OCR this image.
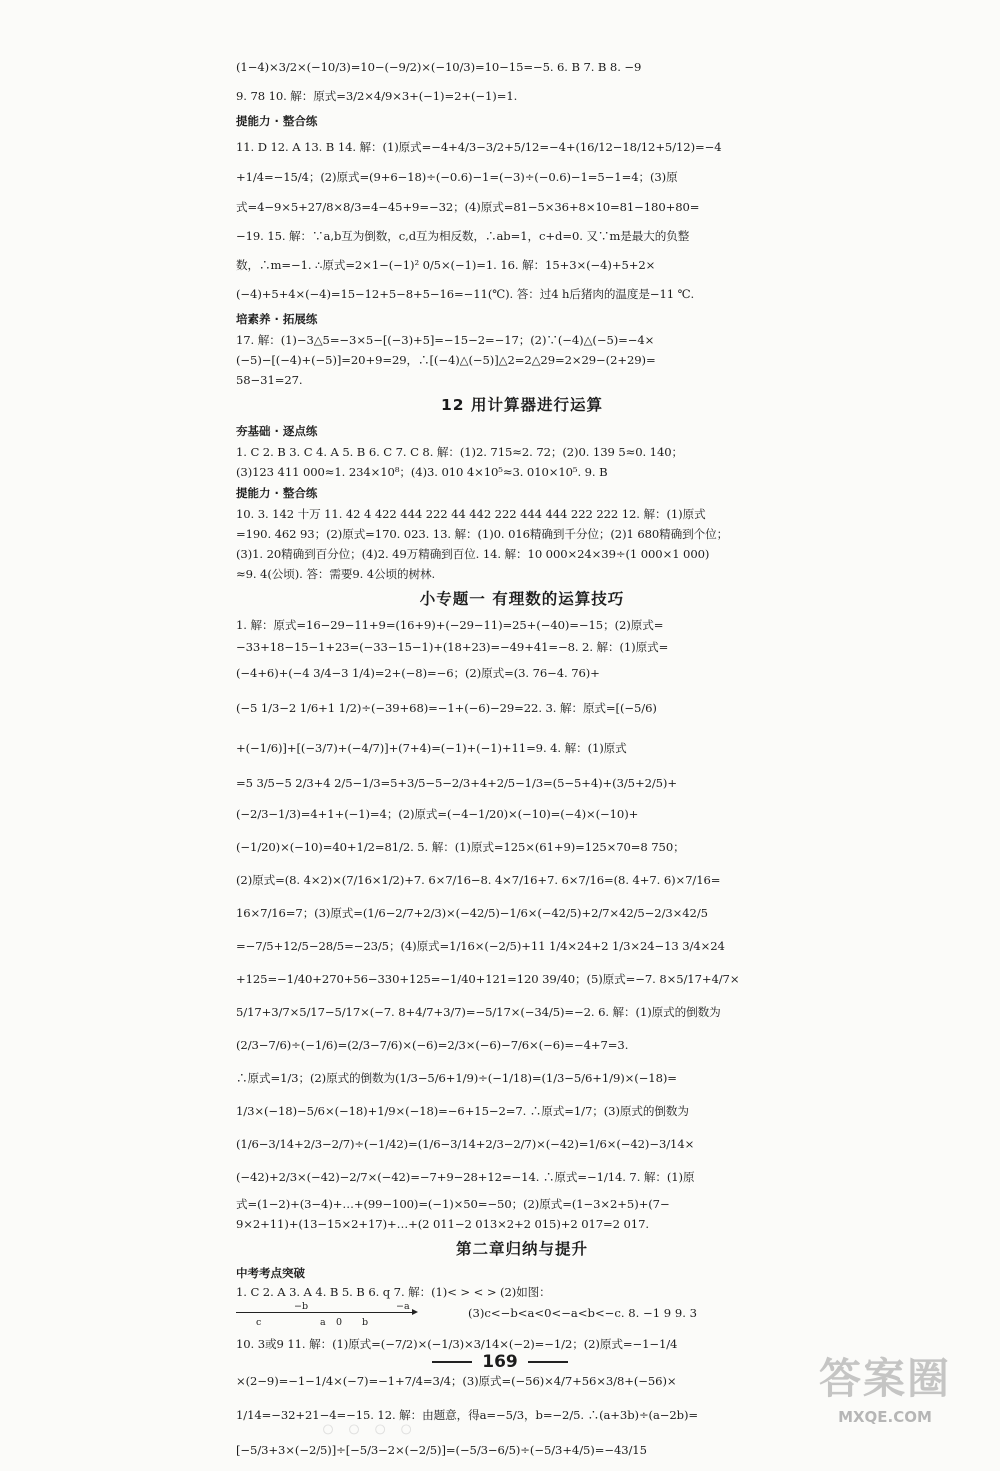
(1−4)×3/2×(−10/3)=10−(−9/2)×(−10/3)=10−15=−5. 6. B 7. B 8. −9
9. 78 10. 解：原式=3/2×4/9×3+(−1)=2+(−1)=1.
提能力 · 整合练
11. D 12. A 13. B 14. 解：(1)原式=−4+4/3−3/2+5/12=−4+(16/12−18/12+5/12)=−4
+1/4=−15/4；(2)原式=(9+6−18)÷(−0.6)−1=(−3)÷(−0.6)−1=5−1=4；(3)原
式=4−9×5+27/8×8/3=4−45+9=−32；(4)原式=81−5×36+8×10=81−180+80=
−19. 15. 解：∵a,b互为倒数，c,d互为相反数，∴ab=1，c+d=0. 又∵m是最大的负整
数，∴m=−1. ∴原式=2×1−(−1)² 0/5×(−1)=1. 16. 解：15+3×(−4)+5+2×
(−4)+5+4×(−4)=15−12+5−8+5−16=−11(℃). 答：过4 h后猪肉的温度是−11 ℃.
培素养 · 拓展练
17. 解：(1)−3△5=−3×5−[(−3)+5]=−15−2=−17；(2)∵(−4)△(−5)=−4×
(−5)−[(−4)+(−5)]=20+9=29，∴[(−4)△(−5)]△2=2△29=2×29−(2+29)=
58−31=27.
12 用计算器进行运算
夯基础 · 逐点练
1. C 2. B 3. C 4. A 5. B 6. C 7. C 8. 解：(1)2. 715≈2. 72；(2)0. 139 5≈0. 140；
(3)123 411 000≈1. 234×10⁸；(4)3. 010 4×10⁵≈3. 010×10⁵. 9. B
提能力 · 整合练
10. 3. 142 十万 11. 42 4 422 444 222 44 442 222 444 444 222 222 12. 解：(1)原式
=190. 462 93；(2)原式=170. 023. 13. 解：(1)0. 016精确到千分位；(2)1 680精确到个位；
(3)1. 20精确到百分位；(4)2. 49万精确到百位. 14. 解：10 000×24×39÷(1 000×1 000)
≈9. 4(公顷). 答：需要9. 4公顷的树林.
小专题一 有理数的运算技巧
1. 解：原式=16−29−11+9=(16+9)+(−29−11)=25+(−40)=−15；(2)原式=
−33+18−15−1+23=(−33−15−1)+(18+23)=−49+41=−8. 2. 解：(1)原式=
(−4+6)+(−4 3/4−3 1/4)=2+(−8)=−6；(2)原式=(3. 76−4. 76)+
(−5 1/3−2 1/6+1 1/2)÷(−39+68)=−1+(−6)−29=22. 3. 解：原式=[(−5/6)
+(−1/6)]+[(−3/7)+(−4/7)]+(7+4)=(−1)+(−1)+11=9. 4. 解：(1)原式
=5 3/5−5 2/3+4 2/5−1/3=5+3/5−5−2/3+4+2/5−1/3=(5−5+4)+(3/5+2/5)+
(−2/3−1/3)=4+1+(−1)=4；(2)原式=(−4−1/20)×(−10)=(−4)×(−10)+
(−1/20)×(−10)=40+1/2=81/2. 5. 解：(1)原式=125×(61+9)=125×70=8 750；
(2)原式=(8. 4×2)×(7/16×1/2)+7. 6×7/16−8. 4×7/16+7. 6×7/16=(8. 4+7. 6)×7/16=
16×7/16=7；(3)原式=(1/6−2/7+2/3)×(−42/5)−1/6×(−42/5)+2/7×42/5−2/3×42/5
=−7/5+12/5−28/5=−23/5；(4)原式=1/16×(−2/5)+11 1/4×24+2 1/3×24−13 3/4×24
+125=−1/40+270+56−330+125=−1/40+121=120 39/40；(5)原式=−7. 8×5/17+4/7×
5/17+3/7×5/17−5/17×(−7. 8+4/7+3/7)=−5/17×(−34/5)=−2. 6. 解：(1)原式的倒数为
(2/3−7/6)÷(−1/6)=(2/3−7/6)×(−6)=2/3×(−6)−7/6×(−6)=−4+7=3.
∴原式=1/3；(2)原式的倒数为(1/3−5/6+1/9)÷(−1/18)=(1/3−5/6+1/9)×(−18)=
1/3×(−18)−5/6×(−18)+1/9×(−18)=−6+15−2=7. ∴原式=1/7；(3)原式的倒数为
(1/6−3/14+2/3−2/7)÷(−1/42)=(1/6−3/14+2/3−2/7)×(−42)=1/6×(−42)−3/14×
(−42)+2/3×(−42)−2/7×(−42)=−7+9−28+12=−14. ∴原式=−1/14. 7. 解：(1)原
式=(1−2)+(3−4)+…+(99−100)=(−1)×50=−50；(2)原式=(1−3×2+5)+(7−
9×2+11)+(13−15×2+17)+…+(2 011−2 013×2+2 015)+2 017=2 017.
第二章归纳与提升
中考考点突破
1. C 2. A 3. A 4. B 5. B 6. q 7. 解：(1)< > < > (2)如图：
c
−b
a 0 b
−a	(3)c<−b<a<0<−a<b<−c. 8. −1 9 9. 3
10. 3或9 11. 解：(1)原式=(−7/2)×(−1/3)×3/14×(−2)=−1/2；(2)原式=−1−1/4
×(2−9)=−1−1/4×(−7)=−1+7/4=3/4；(3)原式=(−56)×4/7+56×3/8+(−56)×
1/14=−32+21−4=−15. 12. 解：由题意，得a=−5/3，b=−2/5. ∴(a+3b)÷(a−2b)=
[−5/3+3×(−2/5)]÷[−5/3−2×(−2/5)]=(−5/3−6/5)÷(−5/3+4/5)=−43/15
169
◦◦◦◦
答案圈
MXQE.COM
